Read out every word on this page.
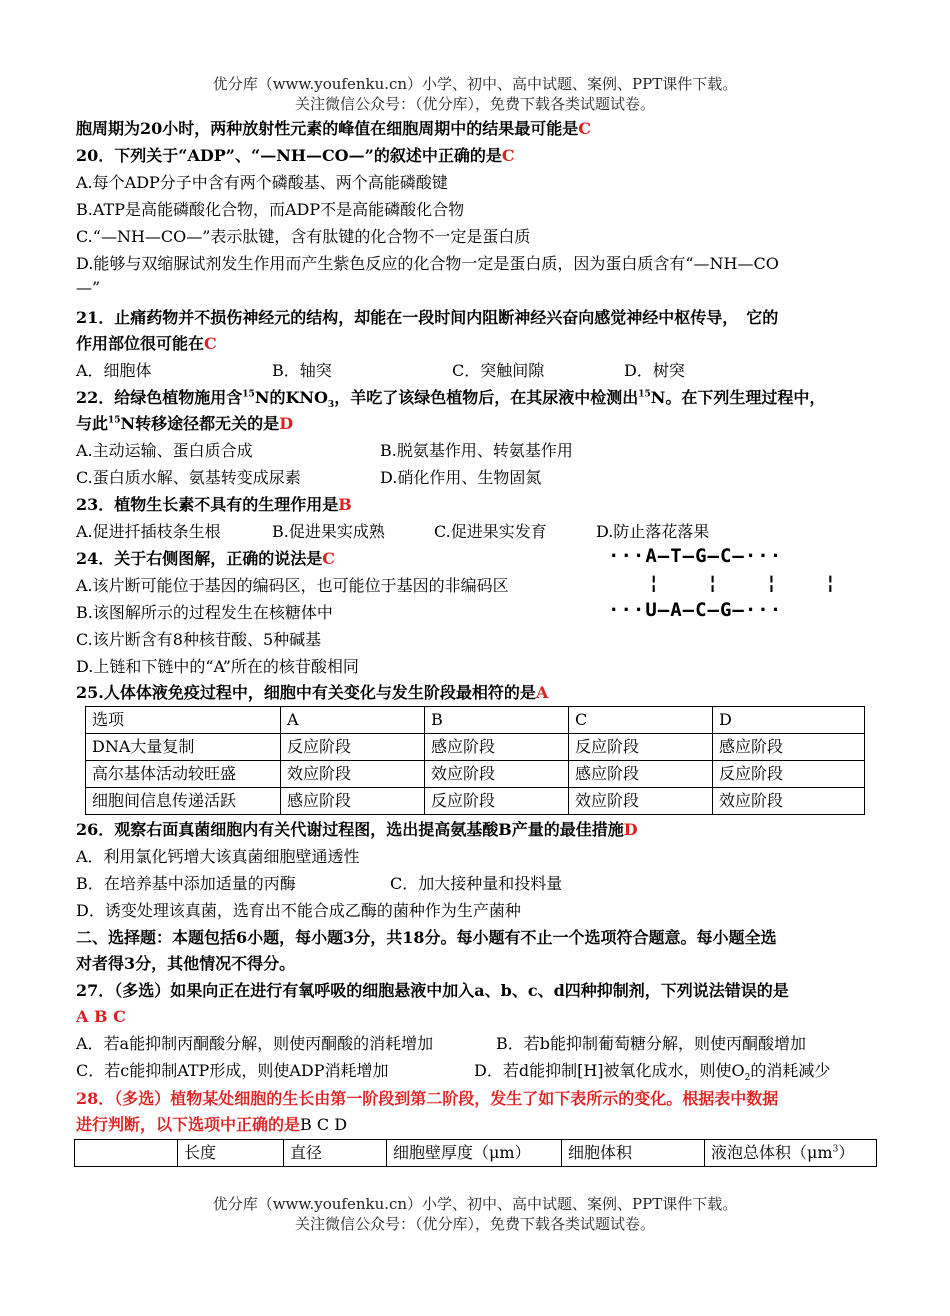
优分库（www.youfenku.cn）小学、初中、高中试题、案例、PPT课件下载。
关注微信公众号：（优分库），免费下载各类试题试卷。
胞周期为20小时，两种放射性元素的峰值在细胞周期中的结果最可能是C
20．下列关于“ADP”、“—NH—CO—”的叙述中正确的是C
A.每个ADP分子中含有两个磷酸基、两个高能磷酸键
B.ATP是高能磷酸化合物，而ADP不是高能磷酸化合物
C.“—NH—CO—”表示肽键，含有肽键的化合物不一定是蛋白质
D.能够与双缩脲试剂发生作用而产生紫色反应的化合物一定是蛋白质，因为蛋白质含有“—NH—CO
—”
21．止痛药物并不损伤神经元的结构，却能在一段时间内阻断神经兴奋向感觉神经中枢传导，　它的
作用部位很可能在C
A．细胞体	B．轴突	C．突触间隙	D．树突
22．给绿色植物施用含$^{15}$N的$KNO_3$，羊吃了该绿色植物后，在其尿液中检测出$^{15}$N。在下列生理过程中，
与此$^{15}$N转移途径都无关的是D
A.主动运输、蛋白质合成	B.脱氨基作用、转氨基作用
C.蛋白质水解、氨基转变成尿素	D.硝化作用、生物固氮
23．植物生长素不具有的生理作用是B
A.促进扦插枝条生根	B.促进果实成熟	C.促进果实发育	D.防止落花落果
24．关于右侧图解，正确的说法是C
A.该片断可能位于基因的编码区，也可能位于基因的非编码区
B.该图解所示的过程发生在核糖体中
C.该片断含有8种核苷酸、5种碱基
D.上链和下链中的“A”所在的核苷酸相同
···A—T—G—C—···
¦ ¦ ¦ ¦
···U—A—C—G—···
25.人体体液免疫过程中，细胞中有关变化与发生阶段最相符的是A
选项	A	B	C	D
DNA大量复制	反应阶段	感应阶段	反应阶段	感应阶段
高尔基体活动较旺盛	效应阶段	效应阶段	感应阶段	反应阶段
细胞间信息传递活跃	感应阶段	反应阶段	效应阶段	效应阶段
26．观察右面真菌细胞内有关代谢过程图，选出提高氨基酸B产量的最佳措施D
A．利用氯化钙增大该真菌细胞壁通透性
B．在培养基中添加适量的丙酶	C．加大接种量和投料量
D．诱变处理该真菌，选育出不能合成乙酶的菌种作为生产菌种
二、选择题：本题包括6小题，每小题3分，共18分。每小题有不止一个选项符合题意。每小题全选
对者得3分，其他情况不得分。
27．（多选）如果向正在进行有氧呼吸的细胞悬液中加入a、b、c、d四种抑制剂，下列说法错误的是
A B C
A．若a能抑制丙酮酸分解，则使丙酮酸的消耗增加	B．若b能抑制葡萄糖分解，则使丙酮酸增加
C．若c能抑制ATP形成，则使ADP消耗增加	D．若d能抑制[H]被氧化成水，则使$O_2$的消耗减少
28．（多选）植物某处细胞的生长由第一阶段到第二阶段，发生了如下表所示的变化。根据表中数据
进行判断，以下选项中正确的是B C D
	长度	直径	细胞壁厚度（μm）	细胞体积	液泡总体积$(\mu m^3)$
优分库（www.youfenku.cn）小学、初中、高中试题、案例、PPT课件下载。
关注微信公众号：（优分库），免费下载各类试题试卷。
